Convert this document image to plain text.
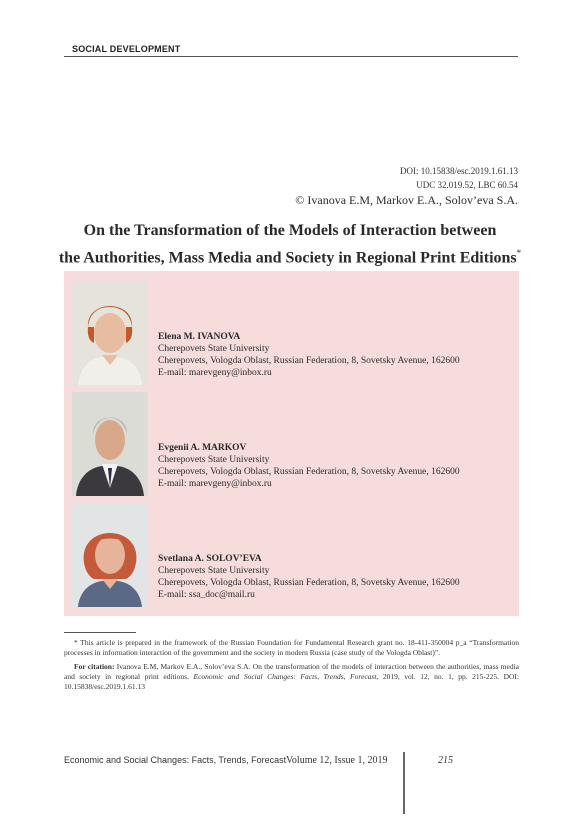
SOCIAL DEVELOPMENT
DOI: 10.15838/esc.2019.1.61.13
UDC 32.019.52, LBC 60.54
© Ivanova E.M, Markov E.A., Solov’eva S.A.
On the Transformation of the Models of Interaction between
the Authorities, Mass Media and Society in Regional Print Editions*
Elena M. IVANOVA
Cherepovets State University
Cherepovets, Vologda Oblast, Russian Federation, 8, Sovetsky Avenue, 162600
E-mail: marevgeny@inbox.ru
Evgenii A. MARKOV
Cherepovets State University
Cherepovets, Vologda Oblast, Russian Federation, 8, Sovetsky Avenue, 162600
E-mail: marevgeny@inbox.ru
Svetlana A. SOLOV’EVA
Cherepovets State University
Cherepovets, Vologda Oblast, Russian Federation, 8, Sovetsky Avenue, 162600
E-mail: ssa_doc@mail.ru

* This article is prepared in the framework of the Russian Foundation for Fundamental Research grant no. 18-411-350004 p_a “Transformation processes in information interaction of the government and the society in modern Russia (case study of the Vologda Oblast)”.

For citation: Ivanova E.M, Markov E.A., Solov’eva S.A. On the transformation of the models of interaction between the authorities, mass media and society in regional print editions. Economic and Social Changes: Facts, Trends, Forecast, 2019, vol. 12, no. 1, pp. 215-225. DOI: 10.15838/esc.2019.1.61.13

Economic and Social Changes: Facts, Trends, Forecast Volume 12, Issue 1, 2019	215
